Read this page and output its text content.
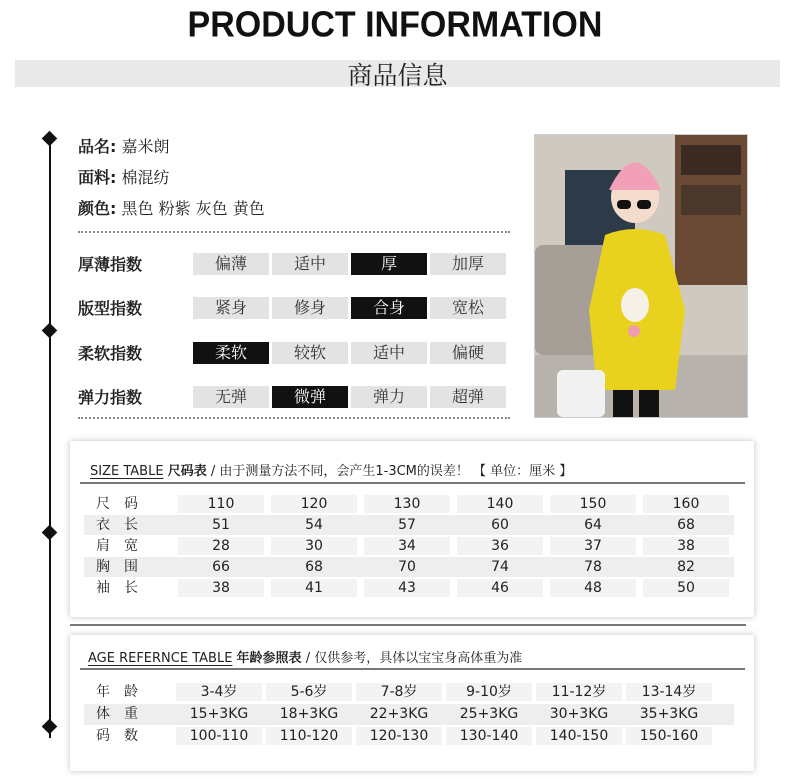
PRODUCT INFORMATION
商品信息
品名: 嘉米朗
面料: 棉混纺
颜色: 黑色 粉紫 灰色 黄色
厚薄指数	偏薄	适中	厚	加厚
版型指数	紧身	修身	合身	宽松
柔软指数	柔软	较软	适中	偏硬
弹力指数	无弹	微弹	弹力	超弹
SIZE TABLE 尺码表 / 由于测量方法不同，会产生1-3CM的误差！ 【 单位：厘米 】
尺　码	110	120	130	140	150	160
衣　长	51	54	57	60	64	68
肩　宽	28	30	34	36	37	38
胸　围	66	68	70	74	78	82
袖　长	38	41	43	46	48	50
AGE REFERNCE TABLE 年龄参照表 / 仅供参考，具体以宝宝身高体重为准
年　龄	3-4岁	5-6岁	7-8岁	9-10岁	11-12岁	13-14岁
体　重	15+3KG	18+3KG	22+3KG	25+3KG	30+3KG	35+3KG
码　数	100-110	110-120	120-130	130-140	140-150	150-160
